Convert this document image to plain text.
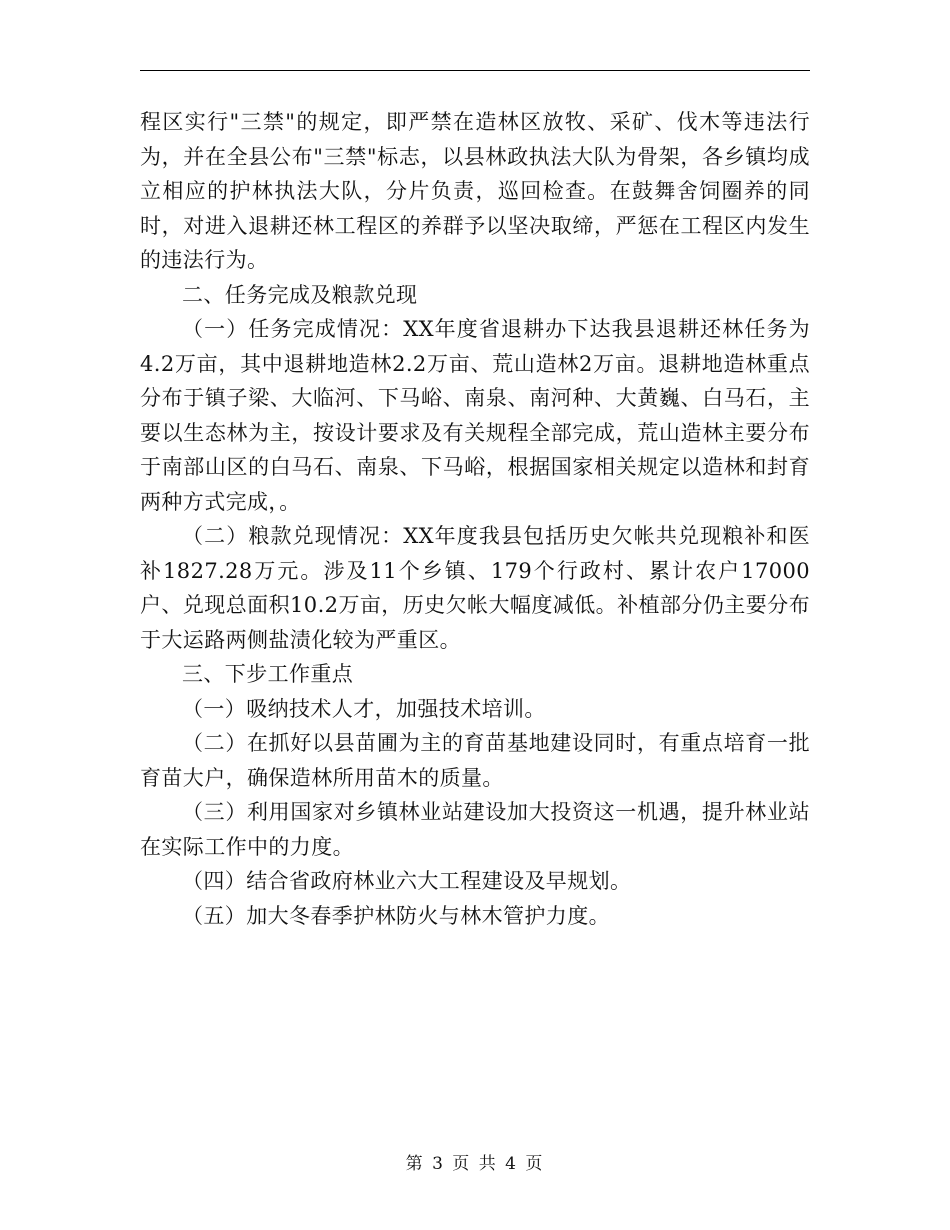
程区实行"三禁"的规定，即严禁在造林区放牧、采矿、伐木等违法行为，并在全县公布"三禁"标志，以县林政执法大队为骨架，各乡镇均成立相应的护林执法大队，分片负责，巡回检查。在鼓舞舍饲圈养的同时，对进入退耕还林工程区的养群予以坚决取缔，严惩在工程区内发生的违法行为。

二、任务完成及粮款兑现

（一）任务完成情况：XX年度省退耕办下达我县退耕还林任务为4.2万亩，其中退耕地造林2.2万亩、荒山造林2万亩。退耕地造林重点分布于镇子梁、大临河、下马峪、南泉、南河种、大黄巍、白马石，主要以生态林为主，按设计要求及有关规程全部完成，荒山造林主要分布于南部山区的白马石、南泉、下马峪，根据国家相关规定以造林和封育两种方式完成，。

（二）粮款兑现情况：XX年度我县包括历史欠帐共兑现粮补和医补1827.28万元。涉及11个乡镇、179个行政村、累计农户17000户、兑现总面积10.2万亩，历史欠帐大幅度减低。补植部分仍主要分布于大运路两侧盐渍化较为严重区。

三、下步工作重点

（一）吸纳技术人才，加强技术培训。

（二）在抓好以县苗圃为主的育苗基地建设同时，有重点培育一批育苗大户，确保造林所用苗木的质量。

（三）利用国家对乡镇林业站建设加大投资这一机遇，提升林业站在实际工作中的力度。

（四）结合省政府林业六大工程建设及早规划。

（五）加大冬春季护林防火与林木管护力度。

第 3 页 共 4 页
